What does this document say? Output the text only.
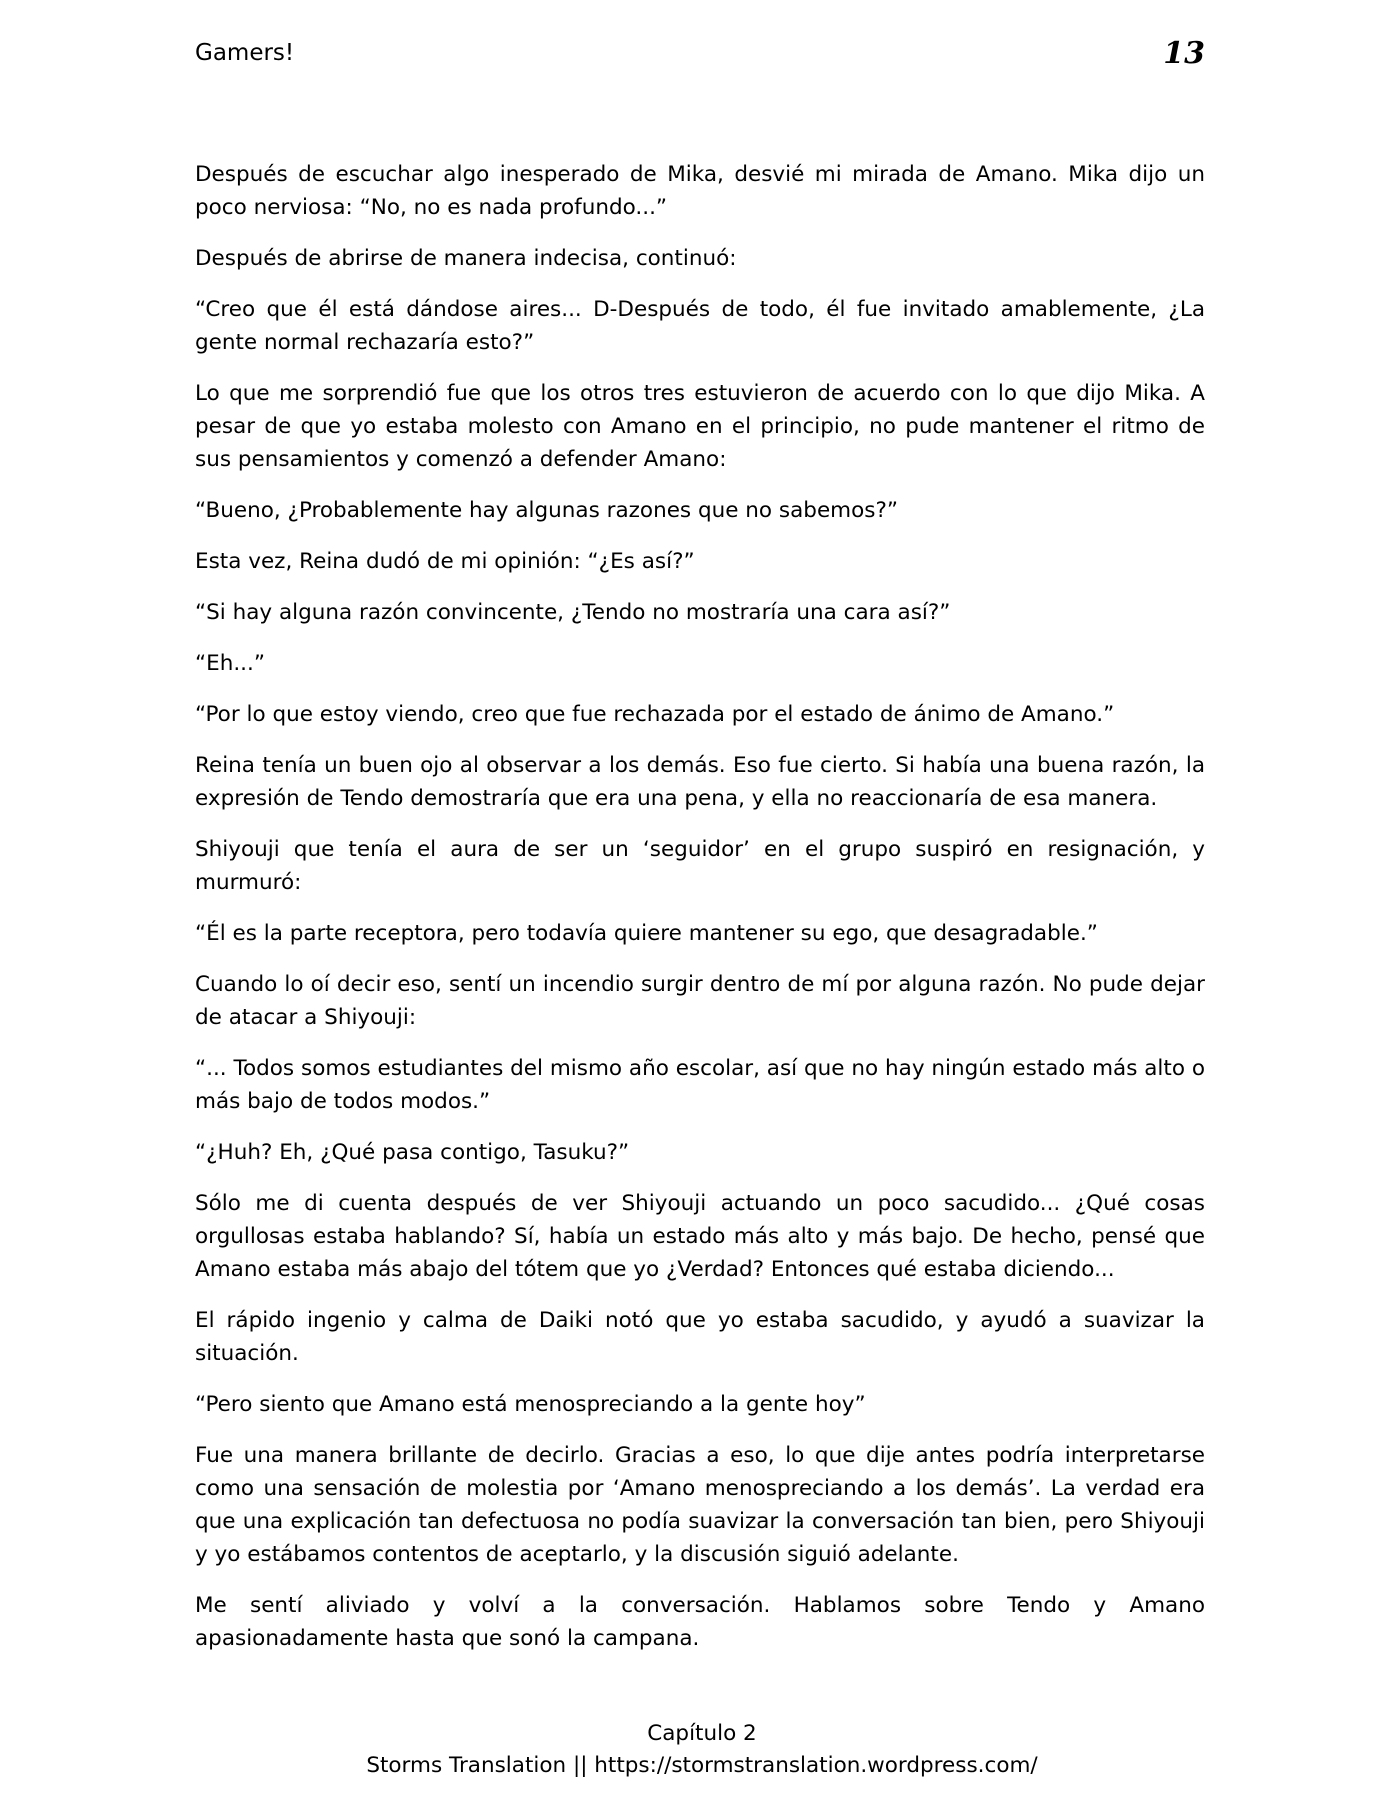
Gamers!	13

Después de escuchar algo inesperado de Mika, desvié mi mirada de Amano. Mika dijo un poco nerviosa: “No, no es nada profundo...”

Después de abrirse de manera indecisa, continuó:

“Creo que él está dándose aires... D-Después de todo, él fue invitado amablemente, ¿La gente normal rechazaría esto?”

Lo que me sorprendió fue que los otros tres estuvieron de acuerdo con lo que dijo Mika. A pesar de que yo estaba molesto con Amano en el principio, no pude mantener el ritmo de sus pensamientos y comenzó a defender Amano:

“Bueno, ¿Probablemente hay algunas razones que no sabemos?”

Esta vez, Reina dudó de mi opinión: “¿Es así?”

“Si hay alguna razón convincente, ¿Tendo no mostraría una cara así?”

“Eh...”

“Por lo que estoy viendo, creo que fue rechazada por el estado de ánimo de Amano.”

Reina tenía un buen ojo al observar a los demás. Eso fue cierto. Si había una buena razón, la expresión de Tendo demostraría que era una pena, y ella no reaccionaría de esa manera.

Shiyouji que tenía el aura de ser un ‘seguidor’ en el grupo suspiró en resignación, y murmuró:

“Él es la parte receptora, pero todavía quiere mantener su ego, que desagradable.”

Cuando lo oí decir eso, sentí un incendio surgir dentro de mí por alguna razón. No pude dejar de atacar a Shiyouji:

“... Todos somos estudiantes del mismo año escolar, así que no hay ningún estado más alto o más bajo de todos modos.”

“¿Huh? Eh, ¿Qué pasa contigo, Tasuku?”

Sólo me di cuenta después de ver Shiyouji actuando un poco sacudido... ¿Qué cosas orgullosas estaba hablando? Sí, había un estado más alto y más bajo. De hecho, pensé que Amano estaba más abajo del tótem que yo ¿Verdad? Entonces qué estaba diciendo...

El rápido ingenio y calma de Daiki notó que yo estaba sacudido, y ayudó a suavizar la situación.

“Pero siento que Amano está menospreciando a la gente hoy”

Fue una manera brillante de decirlo. Gracias a eso, lo que dije antes podría interpretarse como una sensación de molestia por ‘Amano menospreciando a los demás’. La verdad era que una explicación tan defectuosa no podía suavizar la conversación tan bien, pero Shiyouji y yo estábamos contentos de aceptarlo, y la discusión siguió adelante.

Me sentí aliviado y volví a la conversación. Hablamos sobre Tendo y Amano apasionadamente hasta que sonó la campana.

Capítulo 2
Storms Translation || https://stormstranslation.wordpress.com/
